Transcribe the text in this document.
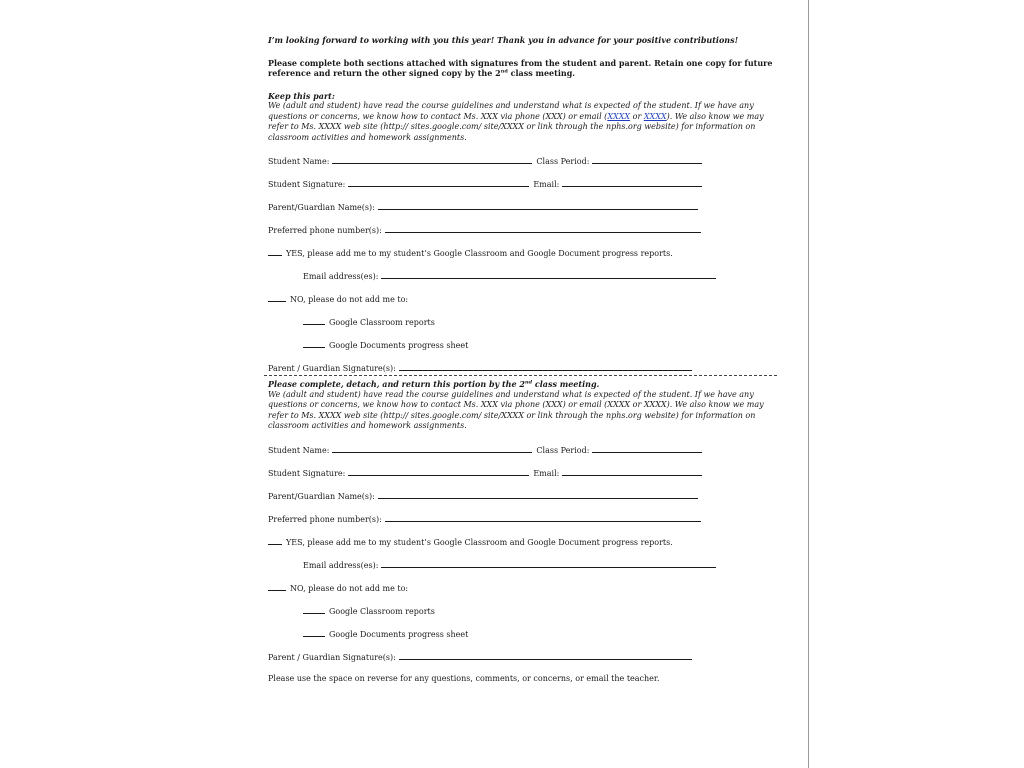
I’m looking forward to working with you this year! Thank you in advance for your positive contributions!
Please complete both sections attached with signatures from the student and parent. Retain one copy for future reference and return the other signed copy by the 2nd class meeting.
Keep this part:
We (adult and student) have read the course guidelines and understand what is expected of the student. If we have any questions or concerns, we know how to contact Ms. XXX via phone (XXX) or email (XXXX or XXXX). We also know we may refer to Ms. XXXX web site (http:// sites.google.com/ site/XXXX or link through the nphs.org website) for information on classroom activities and homework assignments.
Student Name:	Class Period:
Student Signature:	Email:
Parent/Guardian Name(s):
Preferred phone number(s):
YES, please add me to my student’s Google Classroom and Google Document progress reports.
Email address(es):
NO, please do not add me to:
Google Classroom reports
Google Documents progress sheet
Parent / Guardian Signature(s):
Please complete, detach, and return this portion by the 2nd class meeting.
We (adult and student) have read the course guidelines and understand what is expected of the student. If we have any questions or concerns, we know how to contact Ms. XXX via phone (XXX) or email (XXXX or XXXX). We also know we may refer to Ms. XXXX web site (http:// sites.google.com/ site/XXXX or link through the nphs.org website) for information on classroom activities and homework assignments.
Student Name:	Class Period:
Student Signature:	Email:
Parent/Guardian Name(s):
Preferred phone number(s):
YES, please add me to my student’s Google Classroom and Google Document progress reports.
Email address(es):
NO, please do not add me to:
Google Classroom reports
Google Documents progress sheet
Parent / Guardian Signature(s):
Please use the space on reverse for any questions, comments, or concerns, or email the teacher.
